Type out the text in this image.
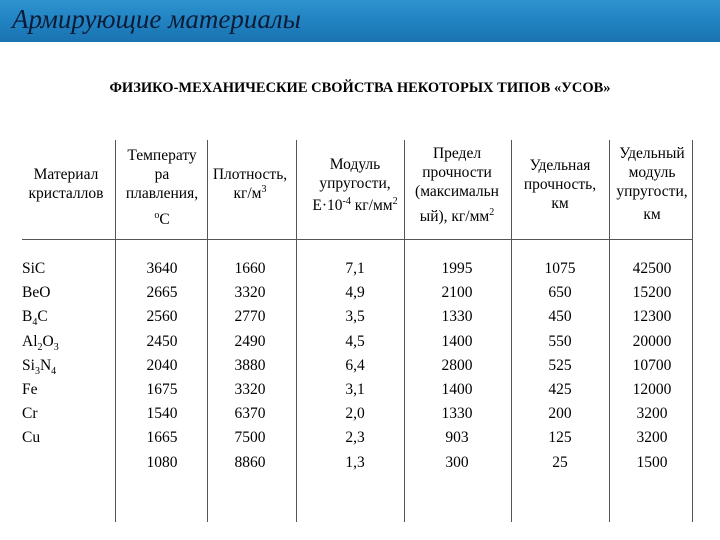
Армирующие материалы
ФИЗИКО-МЕХАНИЧЕСКИЕ СВОЙСТВА НЕКОТОРЫХ ТИПОВ «УСОВ»
Материал
кристаллов
Температу
ра
плавления,
$^о$С
Плотность,
$кг/м^3$
Модуль
упругости,
$E\cdot 10^{-4}$ $кг/мм^2$
Предел
прочности
(максимальн
ый), $кг/мм^2$
Удельная
прочность,
км
Удельный
модуль
упругости,
км
SiC
BeO
$B_4C$
$Al_2O_3$
$Si_3N_4$
Fe
Cr
Cu
3640
2665
2560
2450
2040
1675
1540
1665
1080
1660
3320
2770
2490
3880
3320
6370
7500
8860
7,1
4,9
3,5
4,5
6,4
3,1
2,0
2,3
1,3
1995
2100
1330
1400
2800
1400
1330
903
300
1075
650
450
550
525
425
200
125
25
42500
15200
12300
20000
10700
12000
3200
3200
1500
